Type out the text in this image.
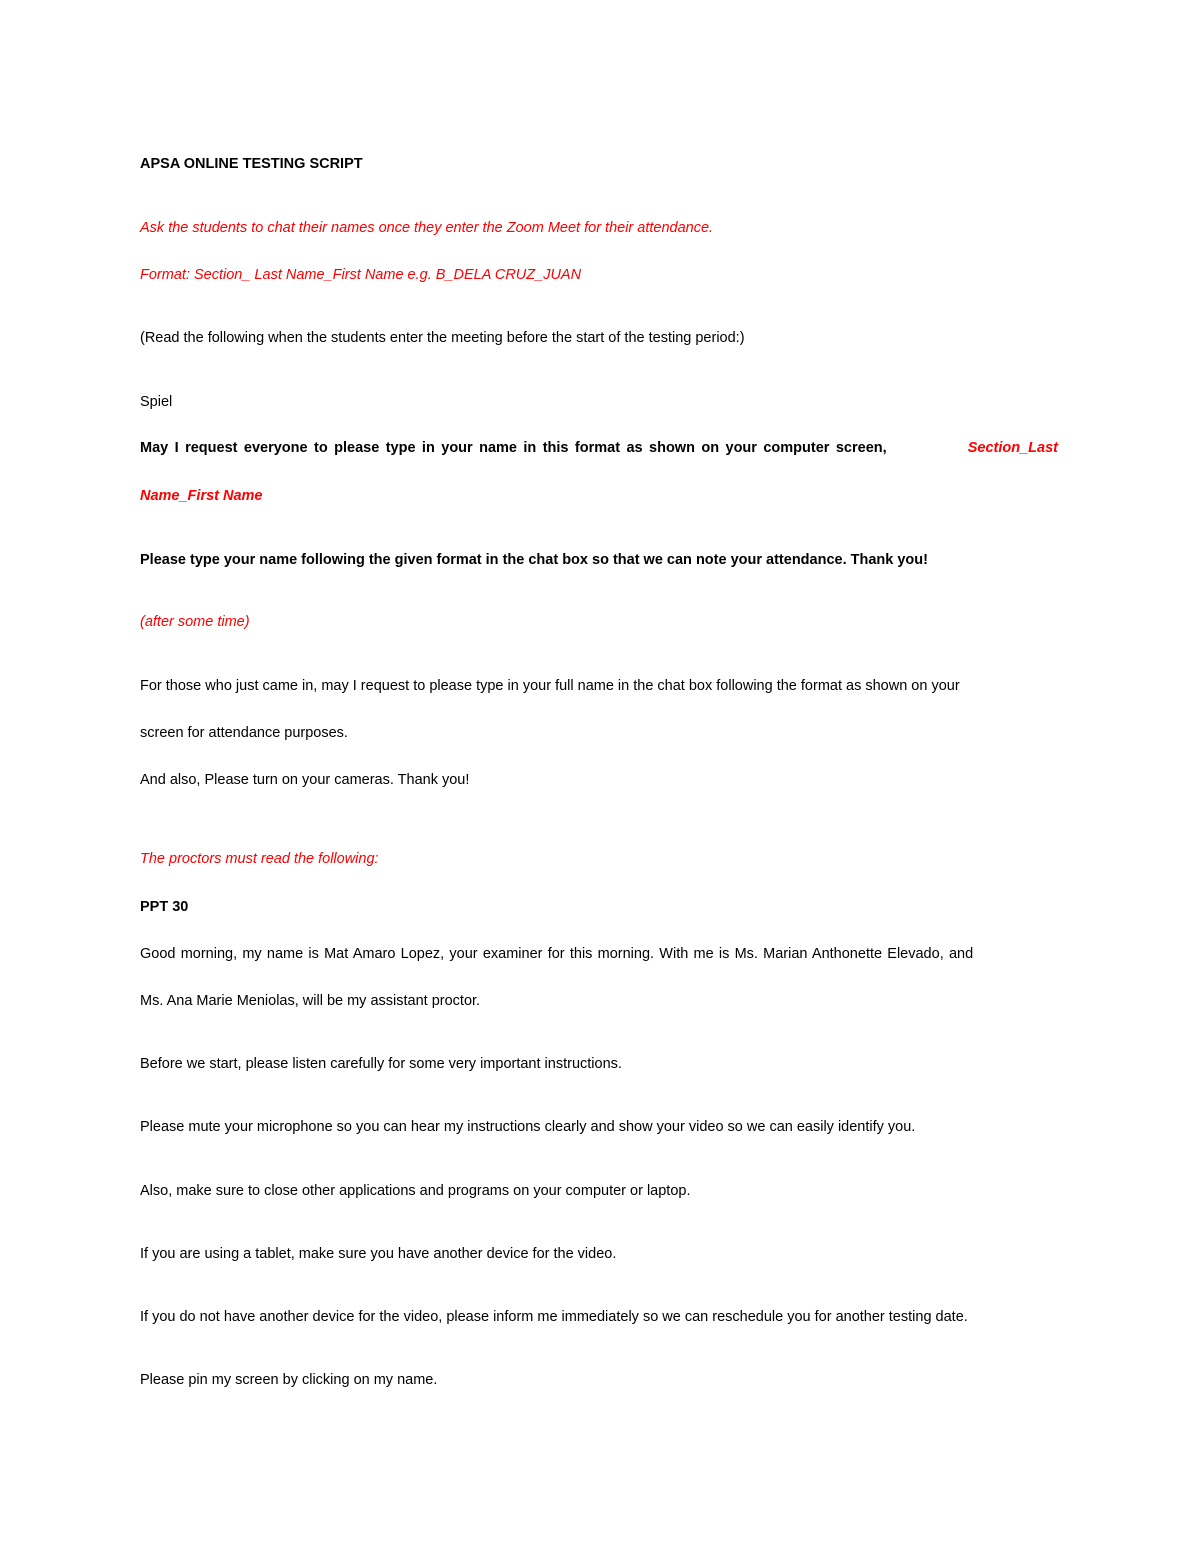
APSA ONLINE TESTING SCRIPT
Ask the students to chat their names once they enter the Zoom Meet for their attendance.
Format: Section_ Last Name_First Name e.g. B_DELA CRUZ_JUAN
(Read the following when the students enter the meeting before the start of the testing period:)
Spiel
May I request everyone to please type in your name in this format as shown on your computer screen,	Section_Last
Name_First Name
Please type your name following the given format in the chat box so that we can note your attendance. Thank you!
(after some time)
For those who just came in, may I request to please type in your full name in the chat box following the format as shown on your
screen for attendance purposes.
And also, Please turn on your cameras. Thank you!
The proctors must read the following:
PPT 30
Good morning, my name is Mat Amaro Lopez, your examiner for this morning. With me is Ms. Marian Anthonette Elevado, and
Ms. Ana Marie Meniolas, will be my assistant proctor.
Before we start, please listen carefully for some very important instructions.
Please mute your microphone so you can hear my instructions clearly and show your video so we can easily identify you.
Also, make sure to close other applications and programs on your computer or laptop.
If you are using a tablet, make sure you have another device for the video.
If you do not have another device for the video, please inform me immediately so we can reschedule you for another testing date.
Please pin my screen by clicking on my name.
